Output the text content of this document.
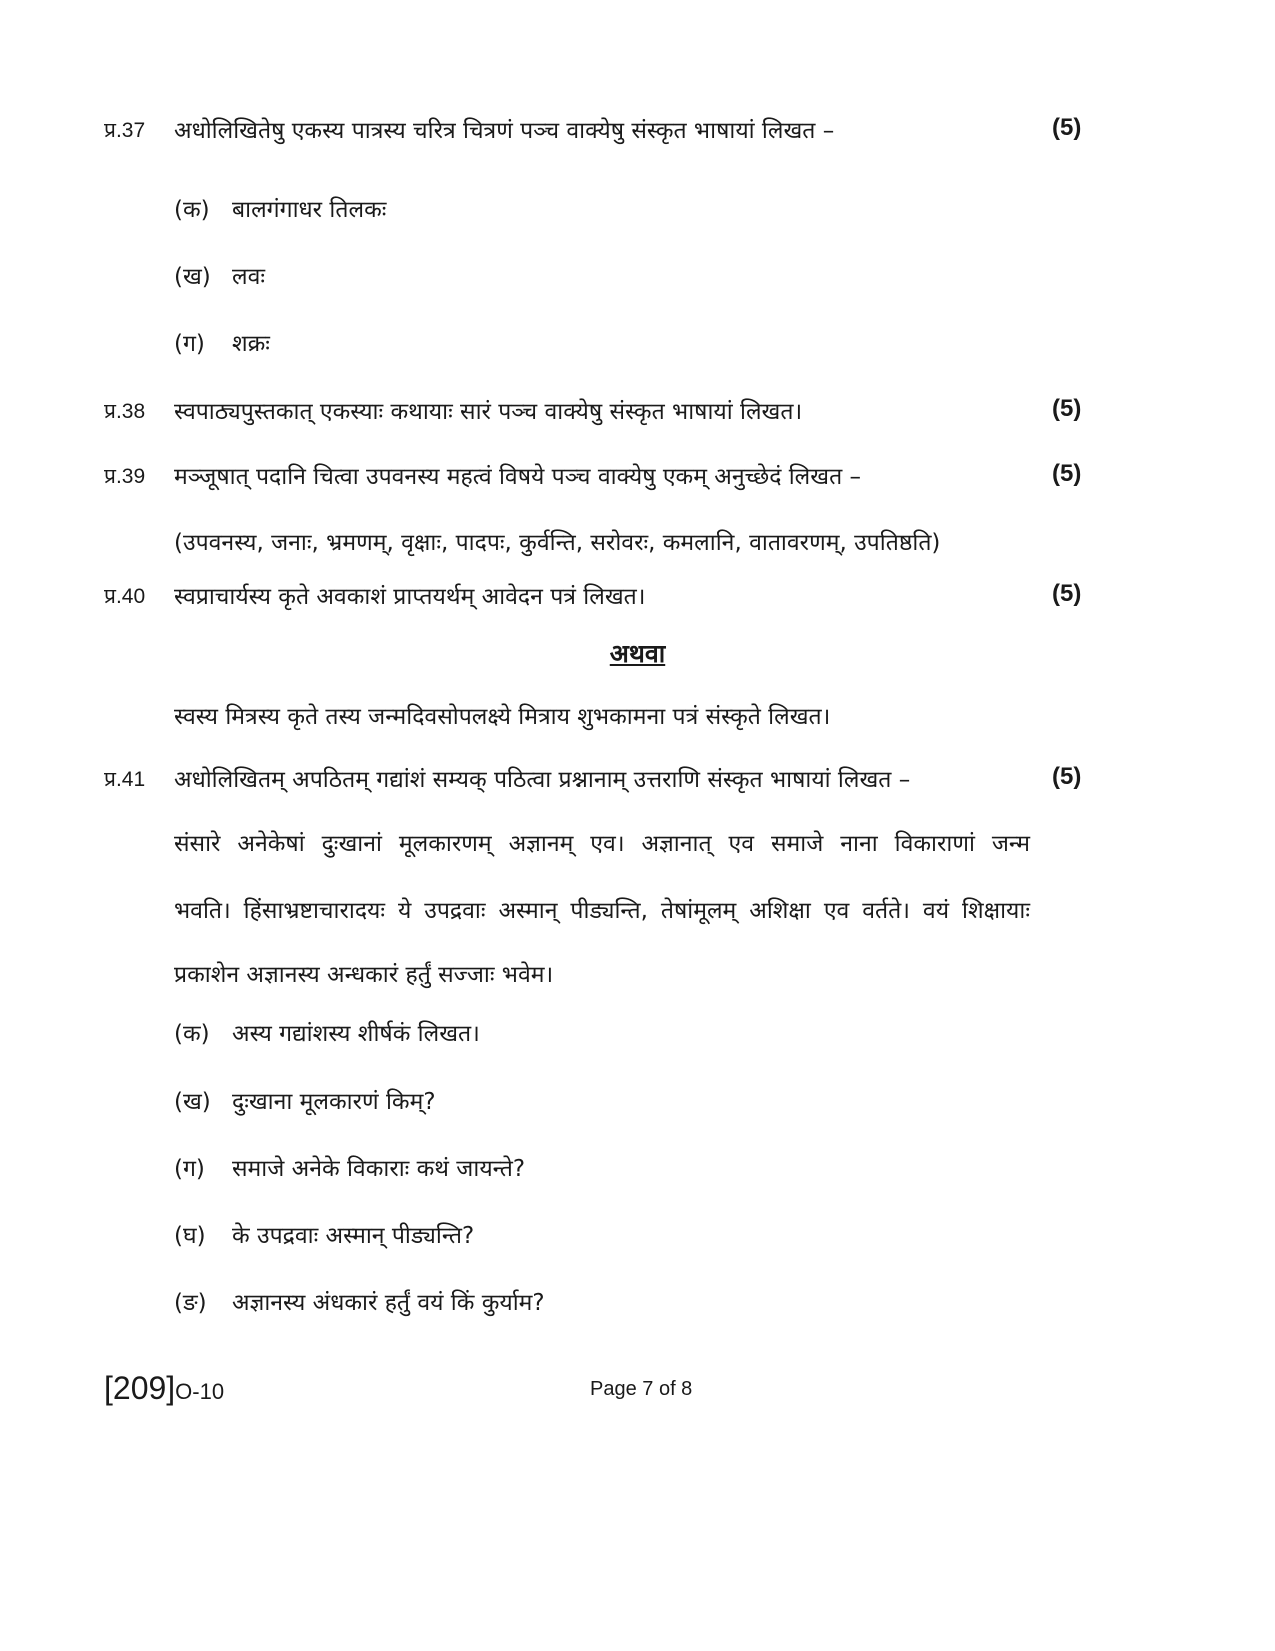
प्र.37 अधोलिखितेषु एकस्य पात्रस्य चरित्र चित्रणं पञ्च वाक्येषु संस्कृत भाषायां लिखत –	(5)
(क) बालगंगाधर तिलकः
(ख) लवः
(ग) शक्रः
प्र.38 स्वपाठ्यपुस्तकात् एकस्याः कथायाः सारं पञ्च वाक्येषु संस्कृत भाषायां लिखत।	(5)
प्र.39 मञ्जूषात् पदानि चित्वा उपवनस्य महत्वं विषये पञ्च वाक्येषु एकम् अनुच्छेदं लिखत –	(5)
(उपवनस्य, जनाः, भ्रमणम्, वृक्षाः, पादपः, कुर्वन्ति, सरोवरः, कमलानि, वातावरणम्, उपतिष्ठति)
प्र.40 स्वप्राचार्यस्य कृते अवकाशं प्राप्तयर्थम् आवेदन पत्रं लिखत।	(5)
अथवा
स्वस्य मित्रस्य कृते तस्य जन्मदिवसोपलक्ष्ये मित्राय शुभकामना पत्रं संस्कृते लिखत।
प्र.41 अधोलिखितम् अपठितम् गद्यांशं सम्यक् पठित्वा प्रश्नानाम् उत्तराणि संस्कृत भाषायां लिखत –	(5)
संसारे अनेकेषां दुःखानां मूलकारणम् अज्ञानम् एव। अज्ञानात् एव समाजे नाना विकाराणां जन्म
भवति। हिंसाभ्रष्टाचारादयः ये उपद्रवाः अस्मान् पीड्यन्ति, तेषांमूलम् अशिक्षा एव वर्तते। वयं शिक्षायाः
प्रकाशेन अज्ञानस्य अन्धकारं हर्तुं सज्जाः भवेम।
(क) अस्य गद्यांशस्य शीर्षकं लिखत।
(ख) दुःखाना मूलकारणं किम्?
(ग) समाजे अनेके विकाराः कथं जायन्ते?
(घ) के उपद्रवाः अस्मान् पीड्यन्ति?
(ङ) अज्ञानस्य अंधकारं हर्तुं वयं किं कुर्याम?
[209]O-10	Page 7 of 8
